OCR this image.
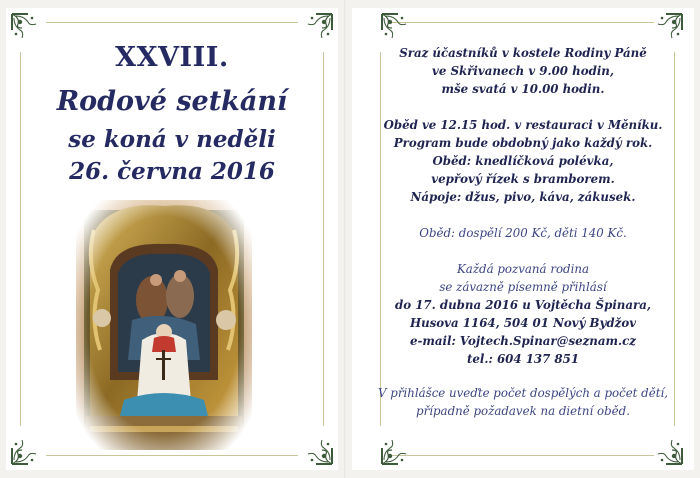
XXVIII.
Rodové setkání
se koná v neděli
26. června 2016
Sraz účastníků v kostele Rodiny Páně
ve Skřivanech v 9.00 hodin,
mše svatá v 10.00 hodin.
Oběd ve 12.15 hod. v restauraci v Měníku.
Program bude obdobný jako každý rok.
Oběd: knedlíčková polévka,
vepřový řízek s bramborem.
Nápoje: džus, pivo, káva, zákusek.
Oběd: dospělí 200 Kč, děti 140 Kč.
Každá pozvaná rodina
se závazně písemně přihlásí
do 17. dubna 2016 u Vojtěcha Špinara,
Husova 1164, 504 01 Nový Bydžov
e-mail: Vojtech.Spinar@seznam.cz
tel.: 604 137 851
V přihlášce uveďte počet dospělých a počet dětí,
případně požadavek na dietní oběd.
